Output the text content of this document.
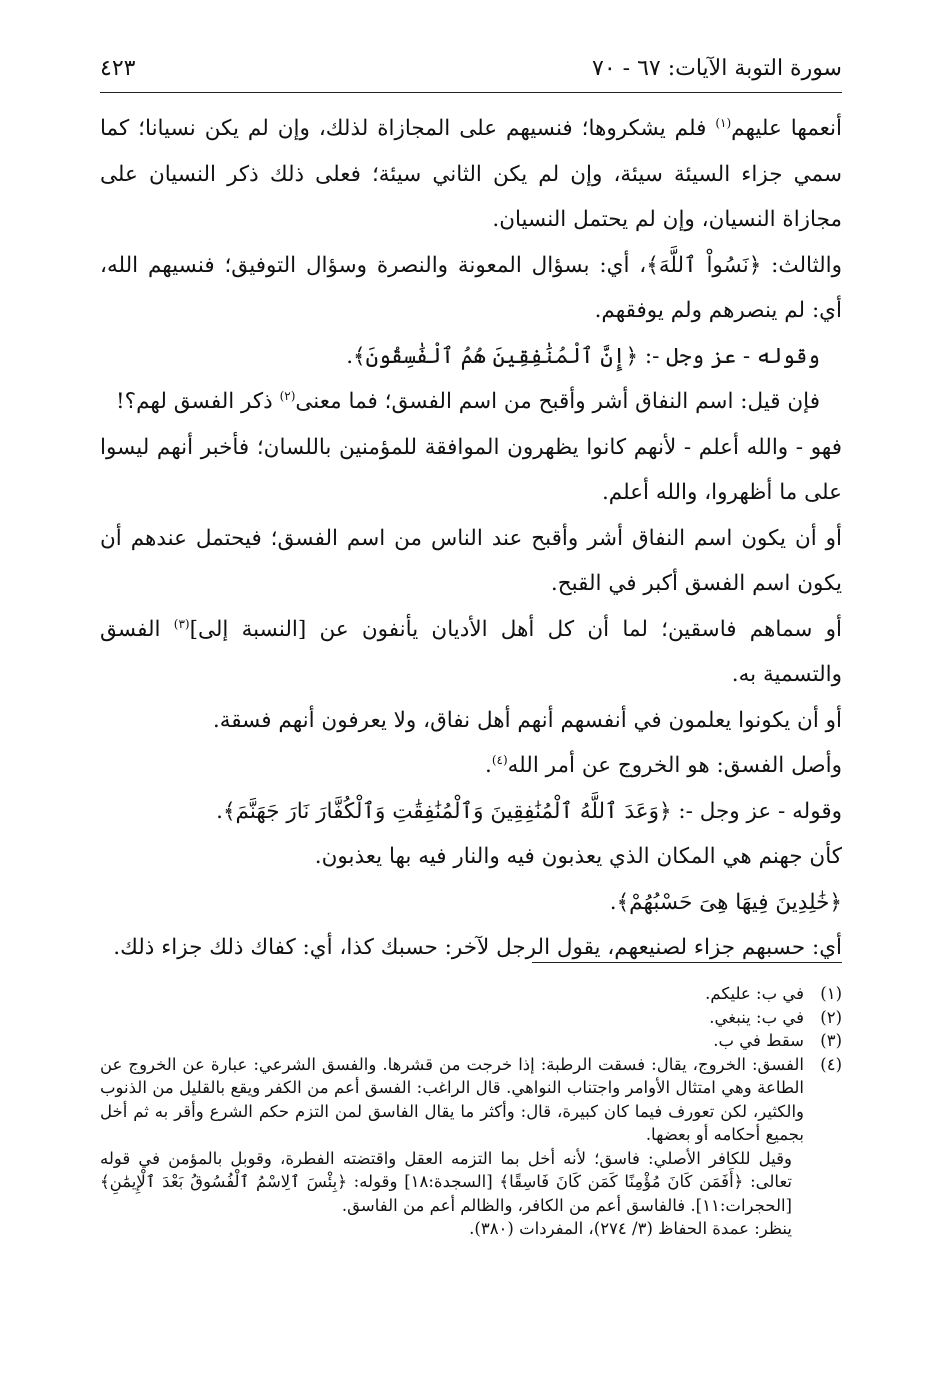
سورة التوبة الآيات: ٦٧ - ٧٠
٤٢٣

أنعمها عليهم$^{(١)}$ فلم يشكروها؛ فنسيهم على المجازاة لذلك، وإن لم يكن نسيانا؛ كما سمي جزاء السيئة سيئة، وإن لم يكن الثاني سيئة؛ فعلى ذلك ذكر النسيان على مجازاة النسيان، وإن لم يحتمل النسيان.

والثالث: ﴿نَسُواْ ٱللَّهَ﴾، أي: بسؤال المعونة والنصرة وسؤال التوفيق؛ فنسيهم الله، أي: لم ينصرهم ولم يوفقهم.

وقوله - عز وجل -: ﴿إِنَّ ٱلْمُنَٰفِقِينَ هُمُ ٱلْفَٰسِقُونَ﴾.

فإن قيل: اسم النفاق أشر وأقبح من اسم الفسق؛ فما معنى$^{(٢)}$ ذكر الفسق لهم؟!

فهو - والله أعلم - لأنهم كانوا يظهرون الموافقة للمؤمنين باللسان؛ فأخبر أنهم ليسوا على ما أظهروا، والله أعلم.

أو أن يكون اسم النفاق أشر وأقبح عند الناس من اسم الفسق؛ فيحتمل عندهم أن يكون اسم الفسق أكبر في القبح.

أو سماهم فاسقين؛ لما أن كل أهل الأديان يأنفون عن [النسبة إلى]$^{(٣)}$ الفسق والتسمية به.

أو أن يكونوا يعلمون في أنفسهم أنهم أهل نفاق، ولا يعرفون أنهم فسقة.

وأصل الفسق: هو الخروج عن أمر الله$^{(٤)}$.

وقوله - عز وجل -: ﴿وَعَدَ ٱللَّهُ ٱلْمُنَٰفِقِينَ وَٱلْمُنَٰفِقَٰتِ وَٱلْكُفَّارَ نَارَ جَهَنَّمَ﴾.

كأن جهنم هي المكان الذي يعذبون فيه والنار فيه بها يعذبون.

﴿خَٰلِدِينَ فِيهَا هِىَ حَسْبُهُمْ﴾.

أي: حسبهم جزاء لصنيعهم، يقول الرجل لآخر: حسبك كذا، أي: كفاك ذلك جزاء ذلك.

(١)
في ب: عليكم.
(٢)
في ب: ينبغي.
(٣)
سقط في ب.
(٤)

الفسق: الخروج، يقال: فسقت الرطبة: إذا خرجت من قشرها. والفسق الشرعي: عبارة عن الخروج عن الطاعة وهي امتثال الأوامر واجتناب النواهي. قال الراغب: الفسق أعم من الكفر ويقع بالقليل من الذنوب والكثير، لكن تعورف فيما كان كبيرة، قال: وأكثر ما يقال الفاسق لمن التزم حكم الشرع وأقر به ثم أخل بجميع أحكامه أو بعضها.

وقيل للكافر الأصلي: فاسق؛ لأنه أخل بما التزمه العقل واقتضته الفطرة، وقوبل بالمؤمن في قوله تعالى: ﴿أَفَمَن كَانَ مُؤْمِنًا كَمَن كَانَ فَاسِقًا﴾ [السجدة:١٨] وقوله: ﴿بِئْسَ ٱلِاسْمُ ٱلْفُسُوقُ بَعْدَ ٱلْإِيمَٰنِ﴾ [الحجرات:١١]. فالفاسق أعم من الكافر، والظالم أعم من الفاسق.

ينظر: عمدة الحفاظ (٣/ ٢٧٤)، المفردات (٣٨٠).
